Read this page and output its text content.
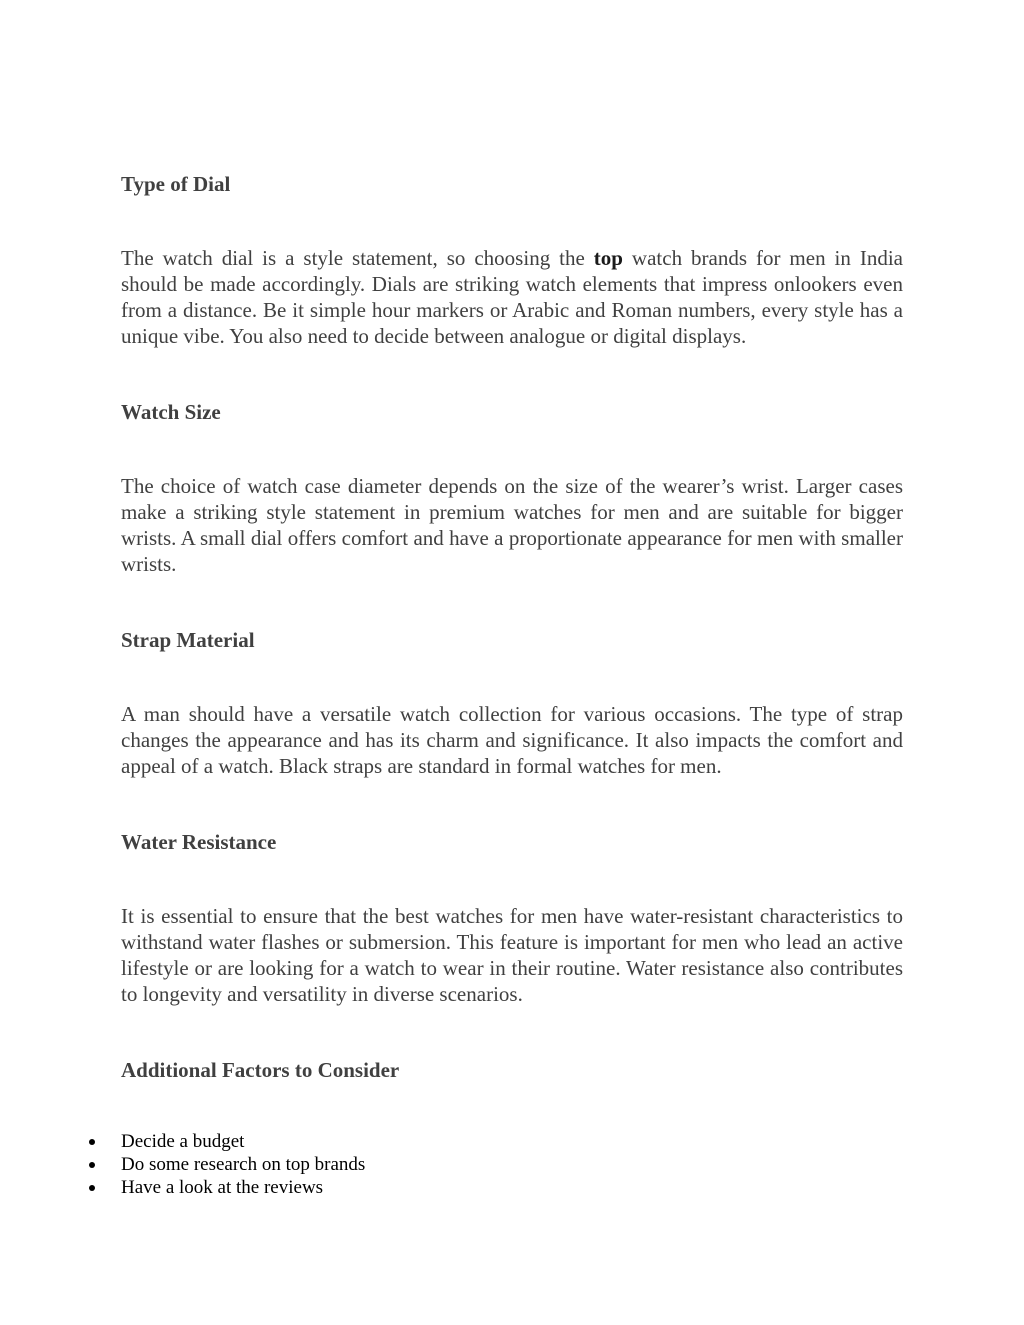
Type of Dial

The watch dial is a style statement, so choosing the top watch brands for men in India should be made accordingly. Dials are striking watch elements that impress onlookers even from a distance. Be it simple hour markers or Arabic and Roman numbers, every style has a unique vibe. You also need to decide between analogue or digital displays.

Watch Size

The choice of watch case diameter depends on the size of the wearer’s wrist. Larger cases make a striking style statement in premium watches for men and are suitable for bigger wrists. A small dial offers comfort and have a proportionate appearance for men with smaller wrists.

Strap Material

A man should have a versatile watch collection for various occasions. The type of strap changes the appearance and has its charm and significance. It also impacts the comfort and appeal of a watch. Black straps are standard in formal watches for men.

Water Resistance

It is essential to ensure that the best watches for men have water-resistant characteristics to withstand water flashes or submersion. This feature is important for men who lead an active lifestyle or are looking for a watch to wear in their routine. Water resistance also contributes to longevity and versatility in diverse scenarios.

Additional Factors to Consider
Decide a budget
Do some research on top brands
Have a look at the reviews
